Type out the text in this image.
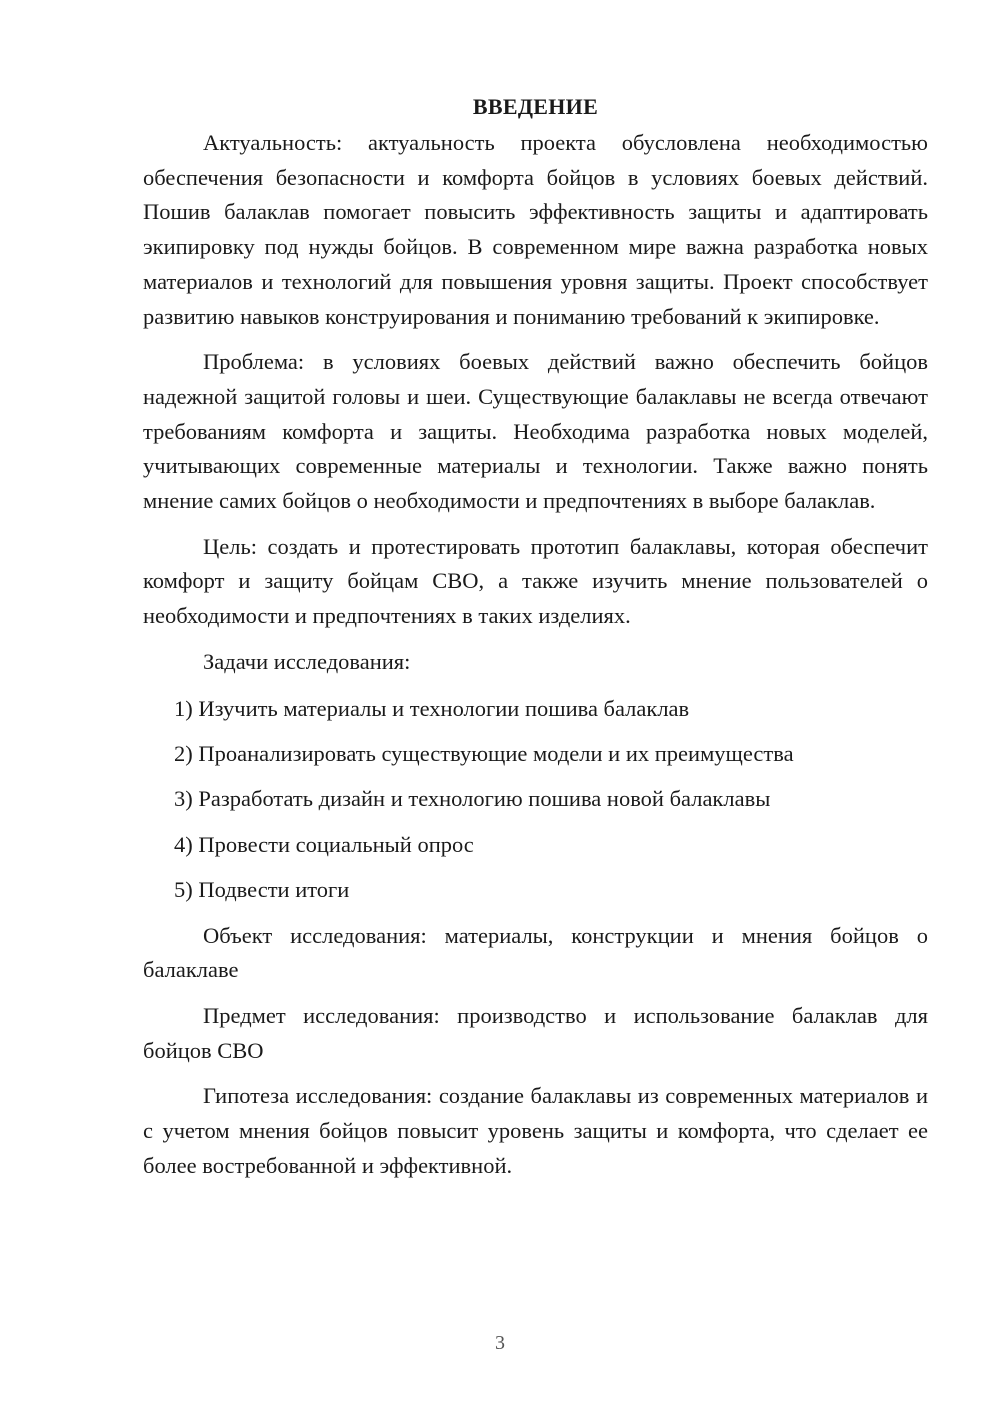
ВВЕДЕНИЕ

Актуальность: актуальность проекта обусловлена необходимостью обеспечения безопасности и комфорта бойцов в условиях боевых действий. Пошив балаклав помогает повысить эффективность защиты и адаптировать экипировку под нужды бойцов. В современном мире важна разработка новых материалов и технологий для повышения уровня защиты. Проект способствует развитию навыков конструирования и пониманию требований к экипировке.

Проблема: в условиях боевых действий важно обеспечить бойцов надежной защитой головы и шеи. Существующие балаклавы не всегда отвечают требованиям комфорта и защиты. Необходима разработка новых моделей, учитывающих современные материалы и технологии. Также важно понять мнение самих бойцов о необходимости и предпочтениях в выборе балаклав.

Цель: создать и протестировать прототип балаклавы, которая обеспечит комфорт и защиту бойцам СВО, а также изучить мнение пользователей о необходимости и предпочтениях в таких изделиях.

Задачи исследования:

1) Изучить материалы и технологии пошива балаклав
2) Проанализировать существующие модели и их преимущества
3) Разработать дизайн и технологию пошива новой балаклавы
4) Провести социальный опрос
5) Подвести итоги

Объект исследования: материалы, конструкции и мнения бойцов о балаклаве

Предмет исследования: производство и использование балаклав для бойцов СВО

Гипотеза исследования: создание балаклавы из современных материалов и с учетом мнения бойцов повысит уровень защиты и комфорта, что сделает ее более востребованной и эффективной.

3
